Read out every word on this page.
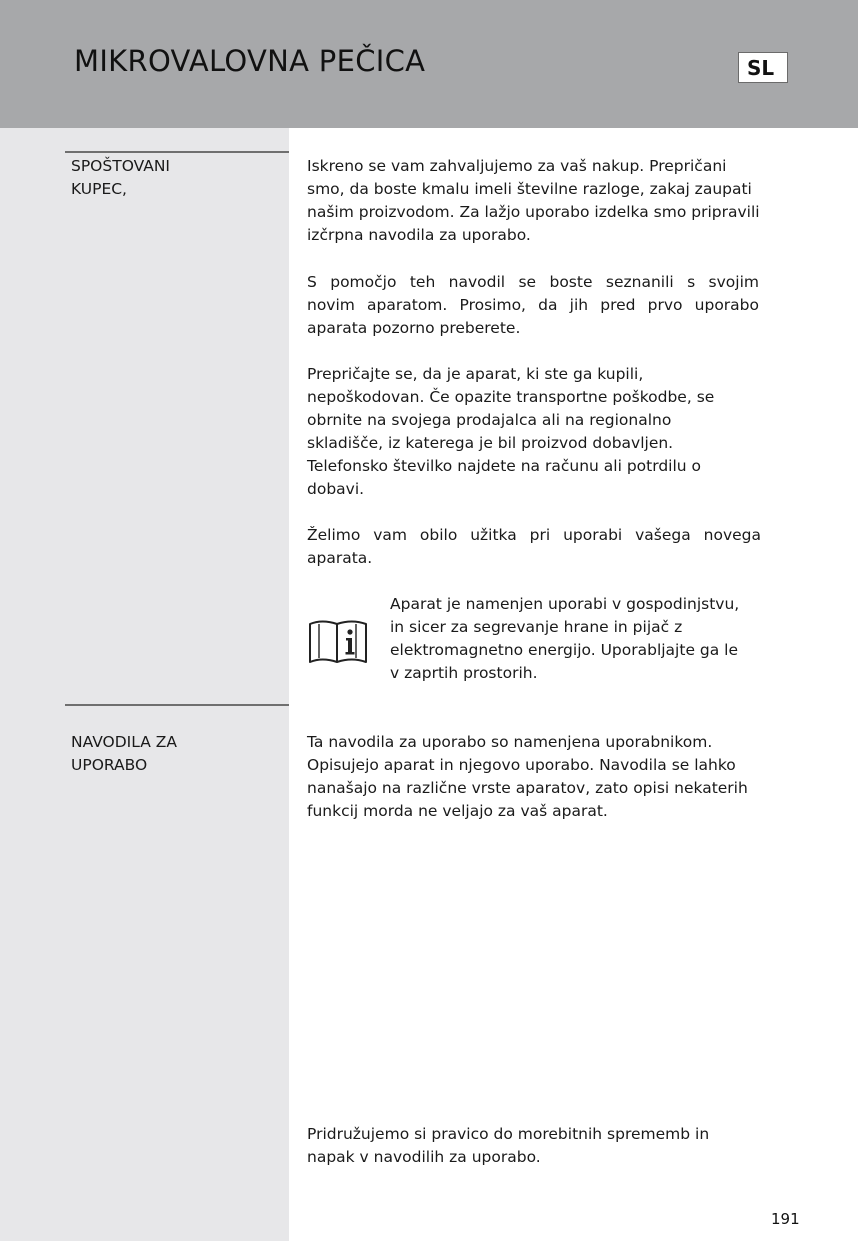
MIKROVALOVNA PEČICA	SL
SPOŠTOVANI
KUPEC,
Iskreno se vam zahvaljujemo za vaš nakup. Prepričani
smo, da boste kmalu imeli številne razloge, zakaj zaupati
našim proizvodom. Za lažjo uporabo izdelka smo pripravili
izčrpna navodila za uporabo.
S pomočjo teh navodil se boste seznanili s svojim
novim aparatom. Prosimo, da jih pred prvo uporabo
aparata pozorno preberete.
Prepričajte se, da je aparat, ki ste ga kupili,
nepoškodovan. Če opazite transportne poškodbe, se
obrnite na svojega prodajalca ali na regionalno
skladišče, iz katerega je bil proizvod dobavljen.
Telefonsko številko najdete na računu ali potrdilu o
dobavi.
Želimo vam obilo užitka pri uporabi vašega novega
aparata.
Aparat je namenjen uporabi v gospodinjstvu,
in sicer za segrevanje hrane in pijač z
elektromagnetno energijo. Uporabljajte ga le
v zaprtih prostorih.
NAVODILA ZA
UPORABO
Ta navodila za uporabo so namenjena uporabnikom.
Opisujejo aparat in njegovo uporabo. Navodila se lahko
nanašajo na različne vrste aparatov, zato opisi nekaterih
funkcij morda ne veljajo za vaš aparat.
Pridružujemo si pravico do morebitnih sprememb in
napak v navodilih za uporabo.
191
